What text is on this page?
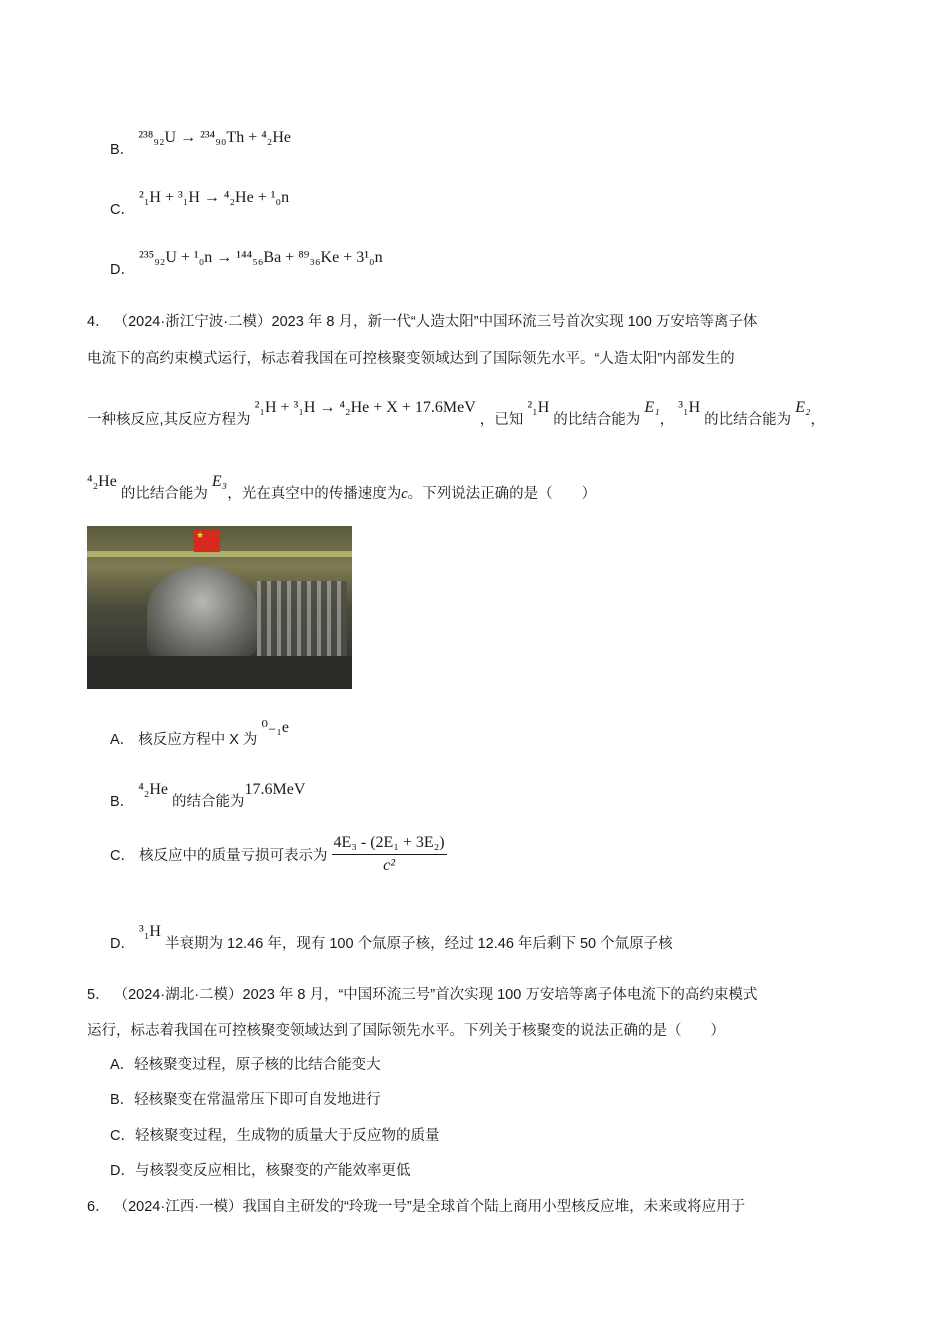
B． ²³⁸₉₂U → ²³⁴₉₀Th + ⁴₂He
C． ²₁H + ³₁H → ⁴₂He + ¹₀n
D． ²³⁵₉₂U + ¹₀n → ¹⁴⁴₅₆Ba + ⁸⁹₃₆Ke + 3¹₀n
4． （2024·浙江宁波·二模）2023 年 8 月，新一代“人造太阳”中国环流三号首次实现 100 万安培等离子体
电流下的高约束模式运行，标志着我国在可控核聚变领域达到了国际领先水平。“人造太阳”内部发生的
一种核反应,其反应方程为 ²₁H + ³₁H → ⁴₂He + X + 17.6MeV ，已知 ²₁H 的比结合能为 E₁， ³₁H 的比结合能为 E₂，
⁴₂He 的比结合能为 E₃，光在真空中的传播速度为c。下列说法正确的是（　　）
★
A． 核反应方程中 X 为 ⁰₋₁e
B． ⁴₂He 的结合能为17.6MeV
C． 核反应中的质量亏损可表示为 $\frac{\text{4E₃ - (2E₁ + 3E₂)}}{\text{c²}}$
D． ³₁H 半衰期为 12.46 年，现有 100 个氚原子核，经过 12.46 年后剩下 50 个氚原子核
5． （2024·湖北·二模）2023 年 8 月，“中国环流三号”首次实现 100 万安培等离子体电流下的高约束模式
运行，标志着我国在可控核聚变领域达到了国际领先水平。下列关于核聚变的说法正确的是（　　）
A．轻核聚变过程，原子核的比结合能变大
B．轻核聚变在常温常压下即可自发地进行
C．轻核聚变过程，生成物的质量大于反应物的质量
D．与核裂变反应相比，核聚变的产能效率更低
6． （2024·江西·一模）我国自主研发的“玲珑一号”是全球首个陆上商用小型核反应堆，未来或将应用于
